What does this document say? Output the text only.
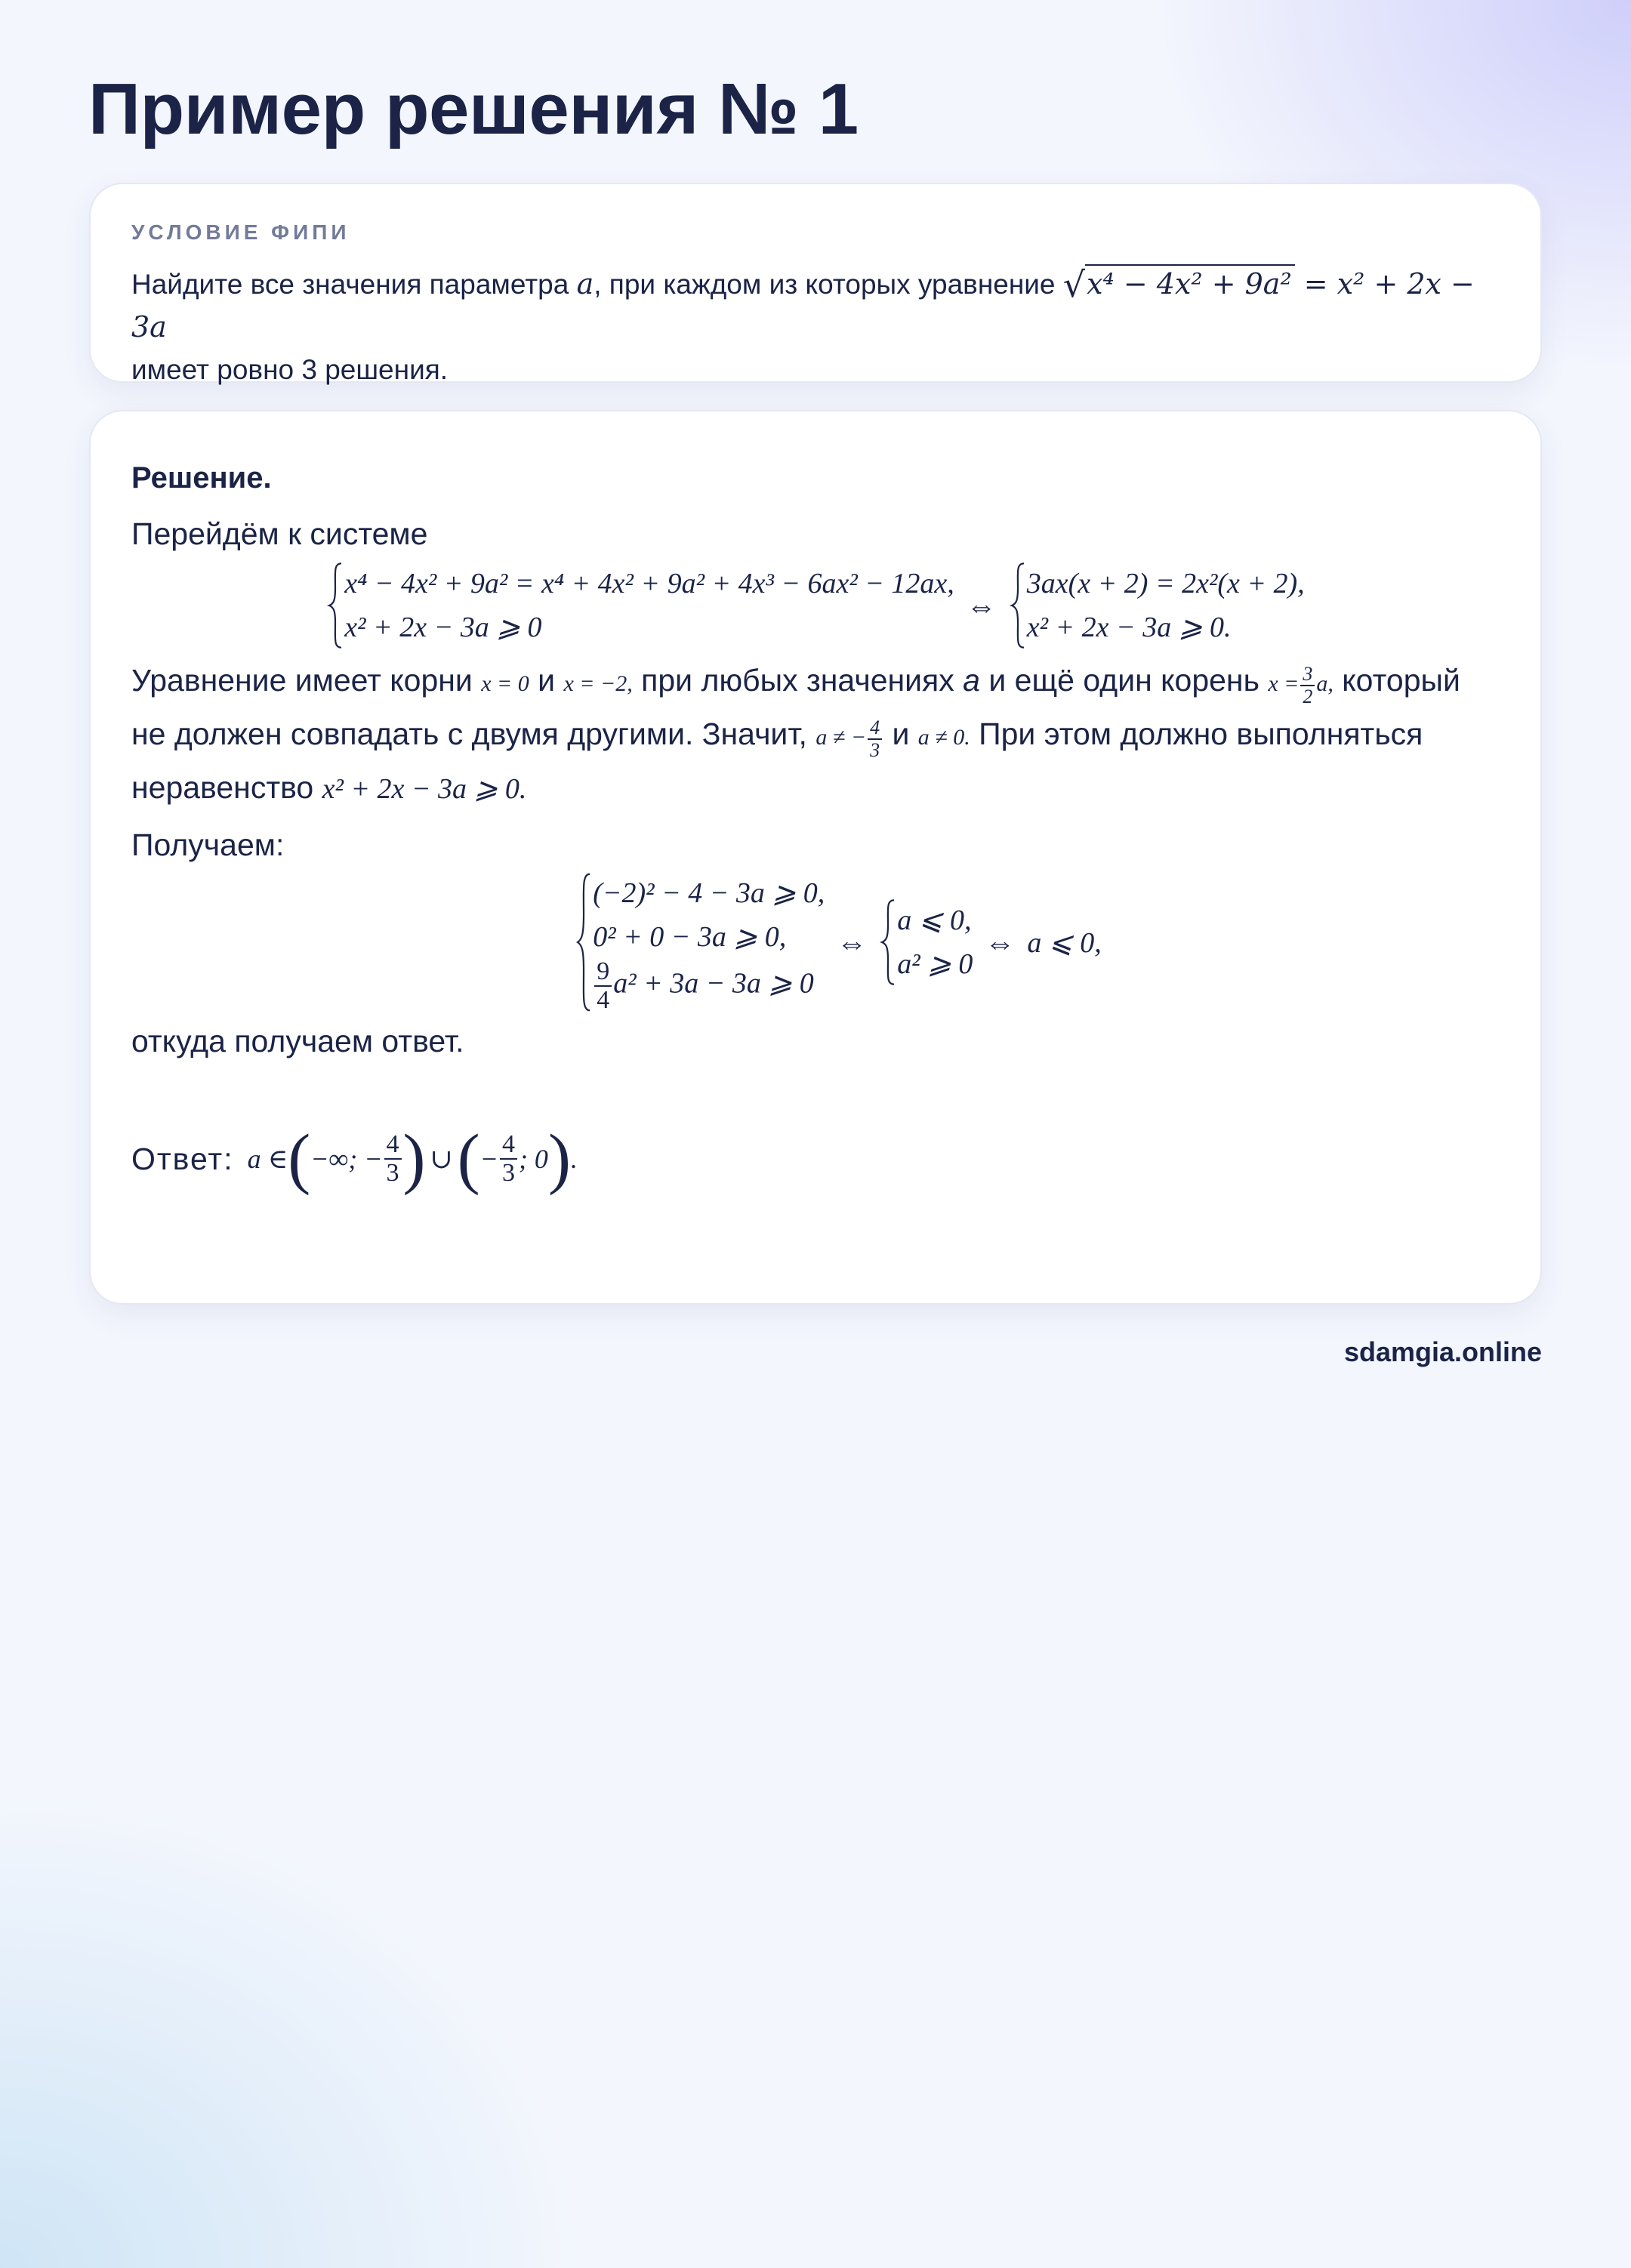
Пример решения № 1
УСЛОВИЕ ФИПИ
Найдите все значения параметра a, при каждом из которых уравнение √x⁴ − 4x² + 9a² = x² + 2x − 3a
имеет ровно 3 решения.
Решение.
Перейдём к системе
x⁴ − 4x² + 9a² = x⁴ + 4x² + 9a² + 4x³ − 6ax² − 12ax,
x² + 2x − 3a ⩾ 0
⇔
3ax(x + 2) = 2x²(x + 2),
x² + 2x − 3a ⩾ 0.
Уравнение имеет корни x = 0 и x = −2, при любых значениях a и ещё один корень $x = \frac{3}{2} a$, который не должен совпадать с двумя другими. Значит, a ≠ − $\frac{4}{3}$ и a ≠ 0. При этом должно выполняться неравенство x² + 2x − 3a ⩾ 0.
Получаем:
(−2)² − 4 − 3a ⩾ 0,
0² + 0 − 3a ⩾ 0,
$\frac{9}{4} a^2 + 3a - 3a$ ⩾ 0
⇔
a ⩽ 0,
a² ⩾ 0
⇔ a ⩽ 0,
откуда получаем ответ.
Ответ: a ∈ ( −∞; − $\frac{4}{3}$ ) ∪ ( − $\frac{4}{3}$ ; 0 ) .
sdamgia.online
